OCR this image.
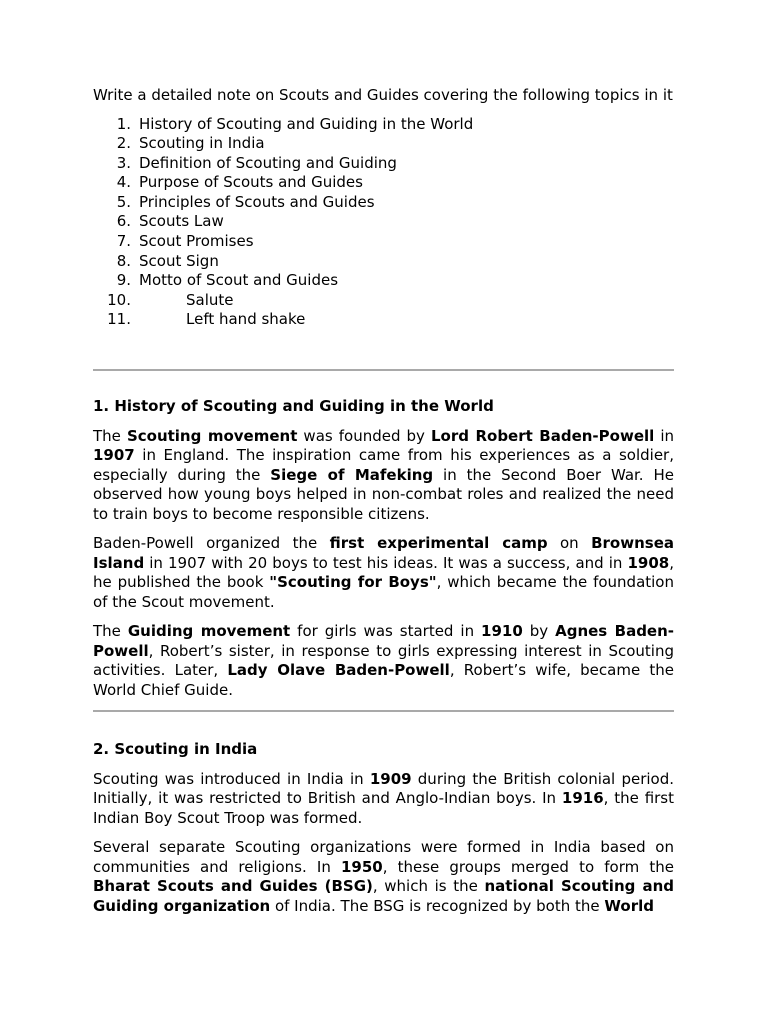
Write a detailed note on Scouts and Guides covering the following topics in it

1. History of Scouting and Guiding in the World
2. Scouting in India
3. Definition of Scouting and Guiding
4. Purpose of Scouts and Guides
5. Principles of Scouts and Guides
6. Scouts Law
7. Scout Promises
8. Scout Sign
9. Motto of Scout and Guides
10.	Salute
11.	Left hand shake
1. History of Scouting and Guiding in the World

The Scouting movement was founded by Lord Robert Baden-Powell in 1907 in England. The inspiration came from his experiences as a soldier, especially during the Siege of Mafeking in the Second Boer War. He observed how young boys helped in non-combat roles and realized the need to train boys to become responsible citizens.

Baden-Powell organized the first experimental camp on Brownsea Island in 1907 with 20 boys to test his ideas. It was a success, and in 1908, he published the book "Scouting for Boys", which became the foundation of the Scout movement.

The Guiding movement for girls was started in 1910 by Agnes Baden-Powell, Robert’s sister, in response to girls expressing interest in Scouting activities. Later, Lady Olave Baden-Powell, Robert’s wife, became the World Chief Guide.

2. Scouting in India

Scouting was introduced in India in 1909 during the British colonial period. Initially, it was restricted to British and Anglo-Indian boys. In 1916, the first Indian Boy Scout Troop was formed.

Several separate Scouting organizations were formed in India based on communities and religions. In 1950, these groups merged to form the Bharat Scouts and Guides (BSG), which is the national Scouting and Guiding organization of India. The BSG is recognized by both the World
